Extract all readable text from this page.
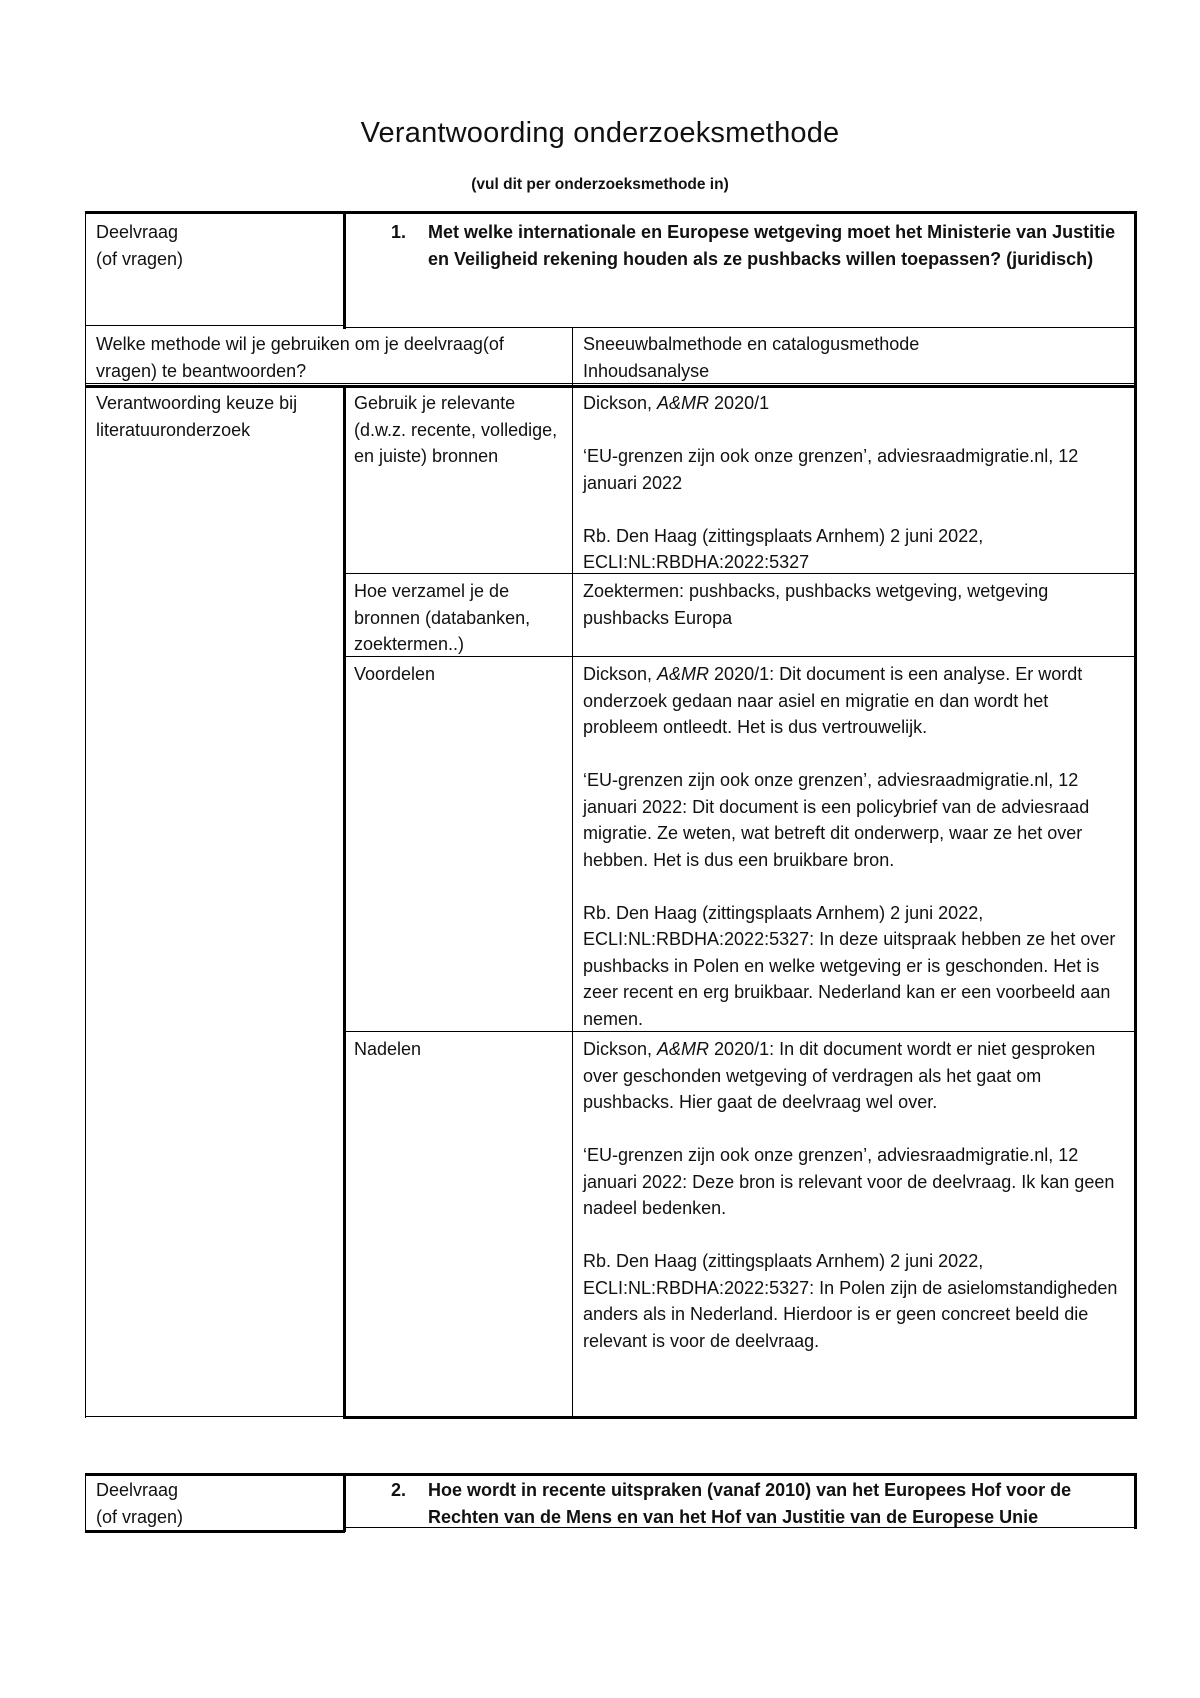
Verantwoording onderzoeksmethode
(vul dit per onderzoeksmethode in)
Deelvraag
(of vragen)
1. Met welke internationale en Europese wetgeving moet het Ministerie van Justitie en Veiligheid rekening houden als ze pushbacks willen toepassen? (juridisch)
Welke methode wil je gebruiken om je deelvraag(of vragen) te beantwoorden?
Sneeuwbalmethode en catalogusmethode
Inhoudsanalyse
Verantwoording keuze bij literatuuronderzoek
Gebruik je relevante (d.w.z. recente, volledige, en juiste) bronnen

Dickson, A&MR 2020/1

‘EU-grenzen zijn ook onze grenzen’, adviesraadmigratie.nl, 12 januari 2022

Rb. Den Haag (zittingsplaats Arnhem) 2 juni 2022, ECLI:NL:RBDHA:2022:5327

Hoe verzamel je de bronnen (databanken, zoektermen..)

Zoektermen: pushbacks, pushbacks wetgeving, wetgeving pushbacks Europa

Voordelen	Dickson, A&MR 2020/1: Dit document is een analyse. Er wordt onderzoek gedaan naar asiel en migratie en dan wordt het probleem ontleedt. Het is dus vertrouwelijk.

‘EU-grenzen zijn ook onze grenzen’, adviesraadmigratie.nl, 12 januari 2022: Dit document is een policybrief van de adviesraad migratie. Ze weten, wat betreft dit onderwerp, waar ze het over hebben. Het is dus een bruikbare bron.

Rb. Den Haag (zittingsplaats Arnhem) 2 juni 2022, ECLI:NL:RBDHA:2022:5327: In deze uitspraak hebben ze het over pushbacks in Polen en welke wetgeving er is geschonden. Het is zeer recent en erg bruikbaar. Nederland kan er een voorbeeld aan nemen.

Nadelen	Dickson, A&MR 2020/1: In dit document wordt er niet gesproken over geschonden wetgeving of verdragen als het gaat om pushbacks. Hier gaat de deelvraag wel over.

‘EU-grenzen zijn ook onze grenzen’, adviesraadmigratie.nl, 12 januari 2022: Deze bron is relevant voor de deelvraag. Ik kan geen nadeel bedenken.

Rb. Den Haag (zittingsplaats Arnhem) 2 juni 2022, ECLI:NL:RBDHA:2022:5327: In Polen zijn de asielomstandigheden anders als in Nederland. Hierdoor is er geen concreet beeld die relevant is voor de deelvraag.

Deelvraag
(of vragen)
2. Hoe wordt in recente uitspraken (vanaf 2010) van het Europees Hof voor de Rechten van de Mens en van het Hof van Justitie van de Europese Unie
